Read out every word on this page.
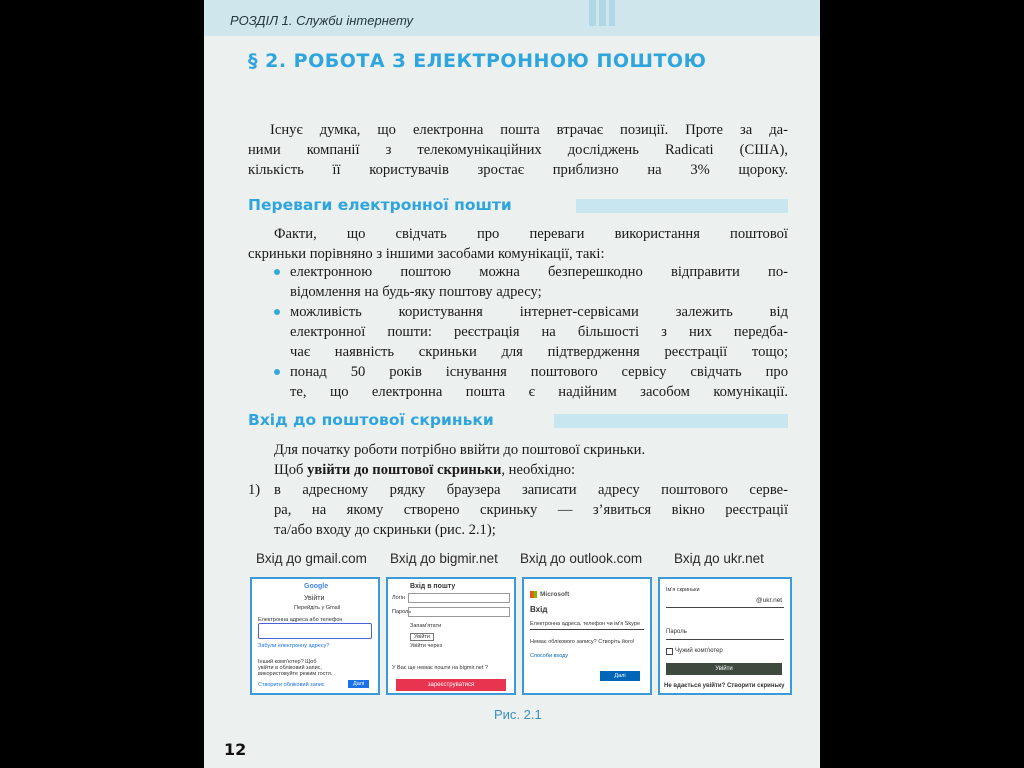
РОЗДІЛ 1. Служби інтернету
§ 2. РОБОТА З ЕЛЕКТРОННОЮ ПОШТОЮ
Існує думка, що електронна пошта втрачає позиції. Проте за да-
ними компанії з телекомунікаційних досліджень Radicati (США),
кількість її користувачів зростає приблизно на 3% щороку.
Переваги електронної пошти
Факти, що свідчать про переваги використання поштової
скриньки порівняно з іншими засобами комунікації, такі:
електронною поштою можна безперешкодно відправити по-
відомлення на будь-яку поштову адресу;
можливість користування інтернет-сервісами залежить від
електронної пошти: реєстрація на більшості з них передба-
чає наявність скриньки для підтвердження реєстрації тощо;
понад 50 років існування поштового сервісу свідчать про
те, що електронна пошта є надійним засобом комунікації.
Вхід до поштової скриньки
Для початку роботи потрібно ввійти до поштової скриньки.
Щоб увійти до поштової скриньки, необхідно:
1) в адресному рядку браузера записати адресу поштового серве-
ра, на якому створено скриньку — з’явиться вікно реєстрації
та/або входу до скриньки (рис. 2.1);
Вхід до gmail.com Вхід до bigmir.net Вхід до outlook.com Вхід до ukr.net
Google
Увійти
Перейдіть у Gmail
Електронна адреса або телефон
Забули електронну адресу?
Інший комп'ютер? Щоб увійти в обліковий запис, використовуйте режим гостя.
Створити обліковий запис	Далі
Вхід в пошту
Логін
Пароль
Запам'ятати
Увійти
Увійти через
У Вас ще немає пошти на bigmir.net ?
зареєструватися
Microsoft
Вхід
Електронна адреса, телефон чи ім'я Skype
Немає облікового запису? Створіть його!
Способи входу
Далі
Ім'я скриньки
@ukr.net
Пароль
Чужий комп'ютер
Увійти
Не вдається увійти? Створити скриньку
Рис. 2.1
12
